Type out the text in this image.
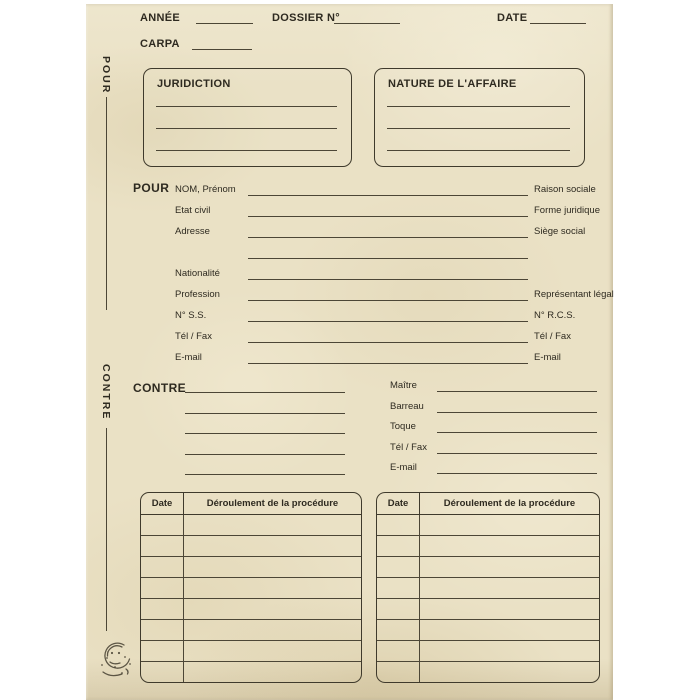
ANNÉE	DOSSIER N°	DATE
CARPA
POUR
CONTRE
JURIDICTION	NATURE DE L'AFFAIRE
POUR NOM, Prénom	Raison sociale
Etat civil	Forme juridique
Adresse	Siège social
Nationalité
Profession	Représentant légal
N° S.S.	N° R.C.S.
Tél / Fax	Tél / Fax
E-mail	E-mail
CONTRE	Maître
Barreau
Toque
Tél / Fax
E-mail
Date	Déroulement de la procédure	Date	Déroulement de la procédure
